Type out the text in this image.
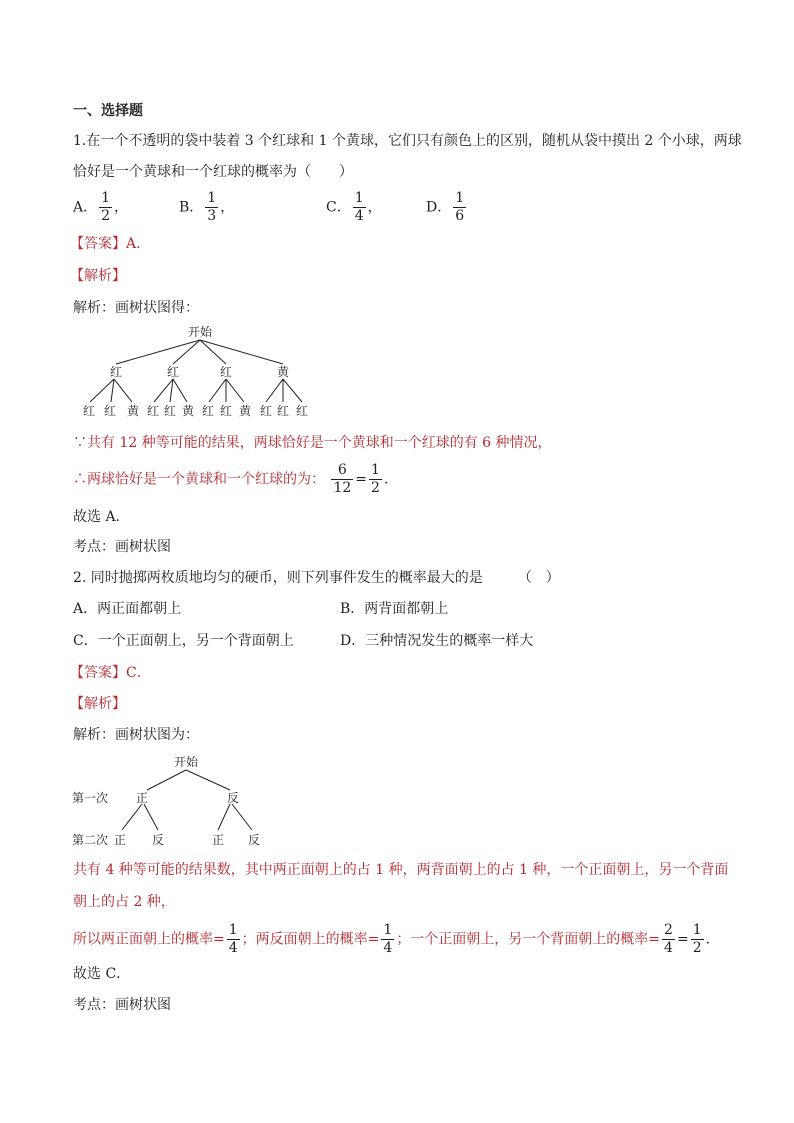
一、选择题
1.在一个不透明的袋中装着 3 个红球和 1 个黄球，它们只有颜色上的区别，随机从袋中摸出 2 个小球，两球
恰好是一个黄球和一个红球的概率为（　　）
A． $\frac{1}{2}$ ，	B． $\frac{1}{3}$ ，	C． $\frac{1}{4}$ ，	D． $\frac{1}{6}$
【答案】A.
【解析】
解析：画树状图得：
开始
红	红	红	黄
红 红 黄 红 红 黄 红 红 黄 红 红 红
∵共有 12 种等可能的结果，两球恰好是一个黄球和一个红球的有 6 种情况，
∴两球恰好是一个黄球和一个红球的为： $\frac{6}{12} = \frac{1}{2}$ .
故选 A.
考点：画树状图
2. 同时抛掷两枚质地均匀的硬币，则下列事件发生的概率最大的是　　　（　）
A．两正面都朝上	B．两背面都朝上
C．一个正面朝上，另一个背面朝上	D．三种情况发生的概率一样大
【答案】C．
【解析】
解析：画树状图为：
开始
第一次 正	反
第二次 正 反	正 反
共有 4 种等可能的结果数，其中两正面朝上的占 1 种，两背面朝上的占 1 种，一个正面朝上，另一个背面
朝上的占 2 种，
所以两正面朝上的概率= $\frac{1}{4}$ ；两反面朝上的概率= $\frac{1}{4}$ ；一个正面朝上，另一个背面朝上的概率= $\frac{2}{4} = \frac{1}{2}$ ．
故选 C．
考点：画树状图
